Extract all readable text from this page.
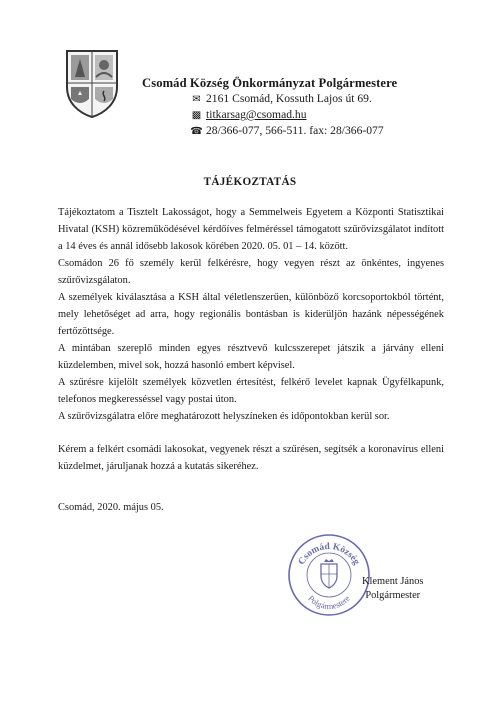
Csomád Község Önkormányzat Polgármestere
✉ 2161 Csomád, Kossuth Lajos út 69.
▩ titkarsag@csomad.hu
☎ 28/366-077, 566-511. fax: 28/366-077
TÁJÉKOZTATÁS

Tájékoztatom a Tisztelt Lakosságot, hogy a Semmelweis Egyetem a Központi Statisztikai Hivatal (KSH) közreműködésével kérdőíves felméréssel támogatott szűrővizsgálatot indított a 14 éves és annál idősebb lakosok körében 2020. 05. 01 – 14. között.

Csomádon 26 fő személy kerül felkérésre, hogy vegyen részt az önkéntes, ingyenes szűrővizsgálaton.

A személyek kiválasztása a KSH által véletlenszerűen, különböző korcsoportokból történt, mely lehetőséget ad arra, hogy regionális bontásban is kiderüljön hazánk népességének fertőzöttsége.

A mintában szereplő minden egyes résztvevő kulcsszerepet játszik a járvány elleni küzdelemben, mivel sok, hozzá hasonló embert képvisel.

A szűrésre kijelölt személyek közvetlen értesítést, felkérő levelet kapnak Ügyfélkapunk, telefonos megkeresséssel vagy postai úton.

A szűrővizsgálatra előre meghatározott helyszíneken és időpontokban kerül sor.

Kérem a felkért csomádi lakosokat, vegyenek részt a szűrésen, segítsék a koronavírus elleni küzdelmet, járuljanak hozzá a kutatás sikeréhez.

Csomád, 2020. május 05.
Csomád Község
Polgármestere
Klement János
Polgármester
